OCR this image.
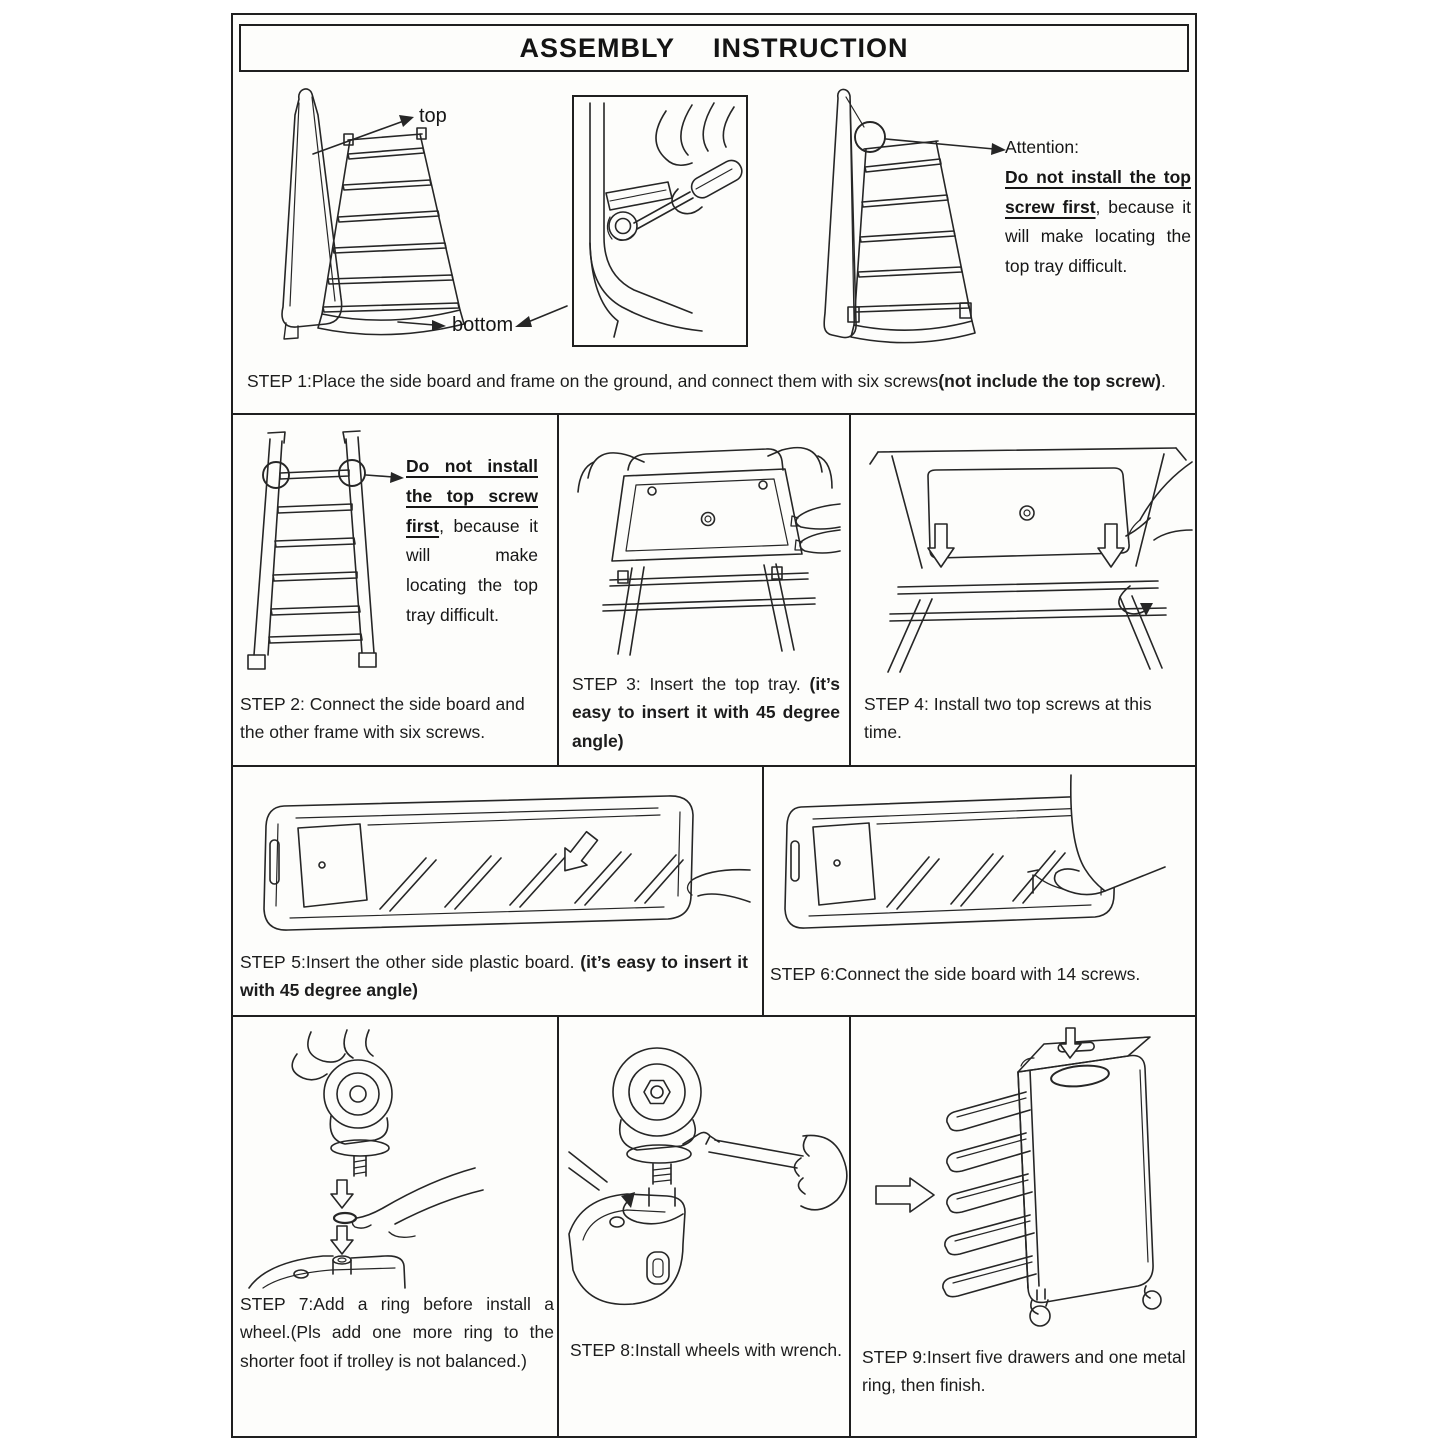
ASSEMBLY INSTRUCTION
top
bottom
Attention:
Do not install the top screw first, because it will make locating the top tray difficult.
STEP 1:Place the side board and frame on the ground, and connect them with six screws(not include the top screw).
Do not install the top screw first, because it will make locating the top tray difficult.
STEP 2: Connect the side board and the other frame with six screws.
STEP 3: Insert the top tray. (it’s easy to insert it with 45 degree angle)
STEP 4: Install two top screws at this time.
STEP 5:Insert the other side plastic board. (it’s easy to insert it with 45 degree angle)
STEP 6:Connect the side board with 14 screws.
STEP 7:Add a ring before install a wheel.(Pls add one more ring to the shorter foot if trolley is not balanced.)
STEP 8:Install wheels with wrench.	STEP 9:Insert five drawers and one metal ring, then finish.
